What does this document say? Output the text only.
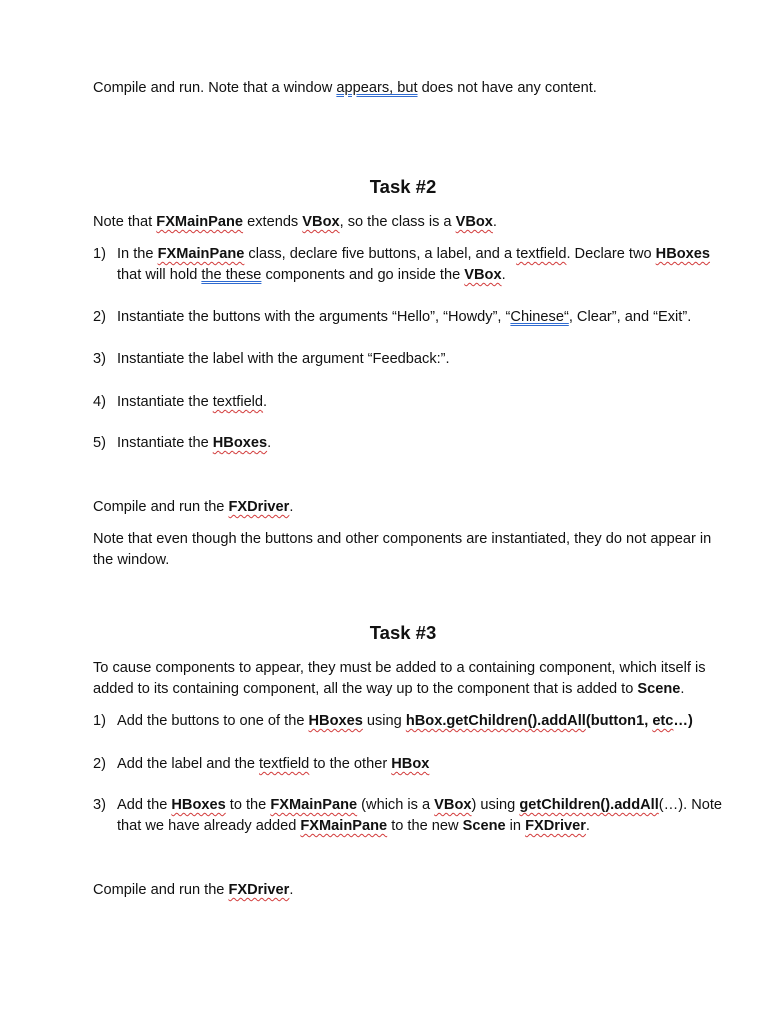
Compile and run. Note that a window appears, but does not have any content.

Task #2

Note that FXMainPane extends VBox, so the class is a VBox.

1) In the FXMainPane class, declare five buttons, a label, and a textfield. Declare two HBoxes that will hold the these components and go inside the VBox.
2) Instantiate the buttons with the arguments “Hello”, “Howdy”, “Chinese“, Clear”, and “Exit”.
3) Instantiate the label with the argument “Feedback:”.
4) Instantiate the textfield.
5) Instantiate the HBoxes.

Compile and run the FXDriver.

Note that even though the buttons and other components are instantiated, they do not appear in the window.

Task #3

To cause components to appear, they must be added to a containing component, which itself is added to its containing component, all the way up to the component that is added to Scene.

1) Add the buttons to one of the HBoxes using hBox.getChildren().addAll(button1, etc…)
2) Add the label and the textfield to the other HBox
3) Add the HBoxes to the FXMainPane (which is a VBox) using getChildren().addAll(…). Note that we have already added FXMainPane to the new Scene in FXDriver.

Compile and run the FXDriver.
